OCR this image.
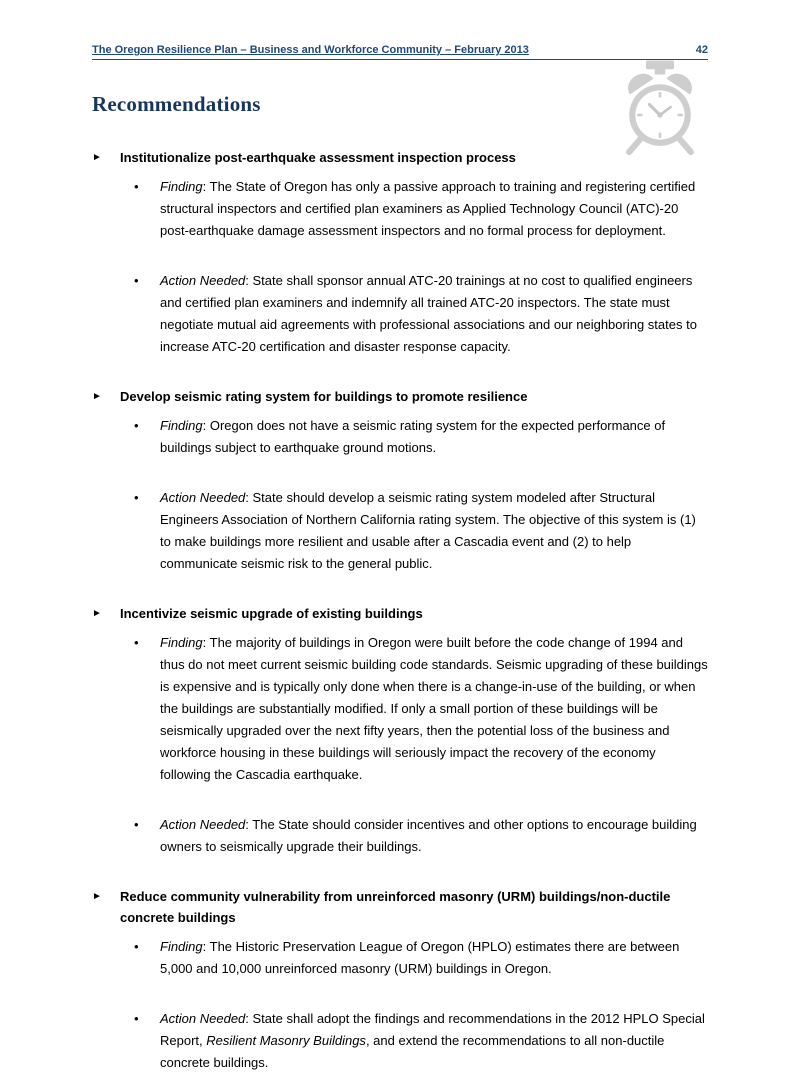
The Oregon Resilience Plan – Business and Workforce Community – February 2013	42
Recommendations
►	Institutionalize post-earthquake assessment inspection process
•	Finding: The State of Oregon has only a passive approach to training and registering certified structural inspectors and certified plan examiners as Applied Technology Council (ATC)-20 post-earthquake damage assessment inspectors and no formal process for deployment.
•	Action Needed: State shall sponsor annual ATC-20 trainings at no cost to qualified engineers and certified plan examiners and indemnify all trained ATC-20 inspectors. The state must negotiate mutual aid agreements with professional associations and our neighboring states to increase ATC-20 certification and disaster response capacity.
►	Develop seismic rating system for buildings to promote resilience
•	Finding: Oregon does not have a seismic rating system for the expected performance of buildings subject to earthquake ground motions.
•	Action Needed: State should develop a seismic rating system modeled after Structural Engineers Association of Northern California rating system. The objective of this system is (1) to make buildings more resilient and usable after a Cascadia event and (2) to help communicate seismic risk to the general public.
►	Incentivize seismic upgrade of existing buildings
•	Finding: The majority of buildings in Oregon were built before the code change of 1994 and thus do not meet current seismic building code standards. Seismic upgrading of these buildings is expensive and is typically only done when there is a change-in-use of the building, or when the buildings are substantially modified. If only a small portion of these buildings will be seismically upgraded over the next fifty years, then the potential loss of the business and workforce housing in these buildings will seriously impact the recovery of the economy following the Cascadia earthquake.
•	Action Needed: The State should consider incentives and other options to encourage building owners to seismically upgrade their buildings.
►	Reduce community vulnerability from unreinforced masonry (URM) buildings/non-ductile concrete buildings
•	Finding: The Historic Preservation League of Oregon (HPLO) estimates there are between 5,000 and 10,000 unreinforced masonry (URM) buildings in Oregon.
•	Action Needed: State shall adopt the findings and recommendations in the 2012 HPLO Special Report, Resilient Masonry Buildings, and extend the recommendations to all non-ductile concrete buildings.
